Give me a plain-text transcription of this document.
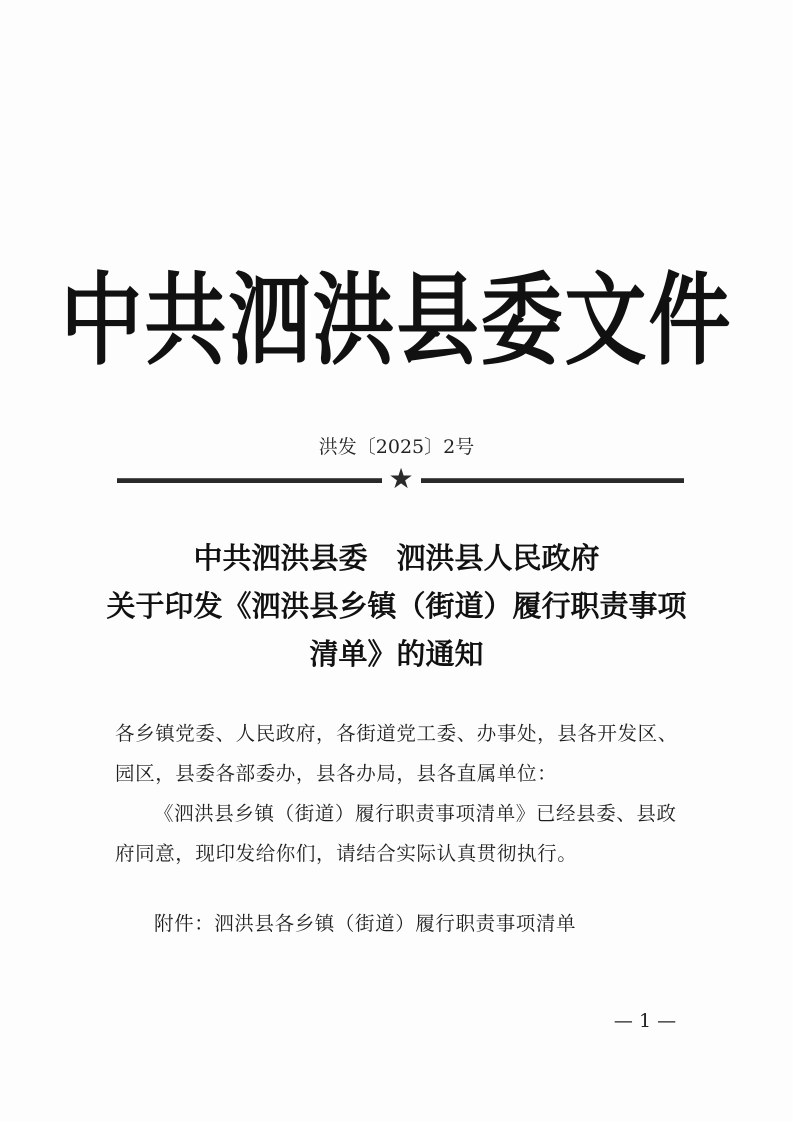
中共泗洪县委文件
洪发〔2025〕2号
★
中共泗洪县委　泗洪县人民政府
关于印发《泗洪县乡镇（街道）履行职责事项
清单》的通知
各乡镇党委、人民政府，各街道党工委、办事处，县各开发区、
园区，县委各部委办，县各办局，县各直属单位：
《泗洪县乡镇（街道）履行职责事项清单》已经县委、县政
府同意，现印发给你们，请结合实际认真贯彻执行。
附件：泗洪县各乡镇（街道）履行职责事项清单
— 1 —
